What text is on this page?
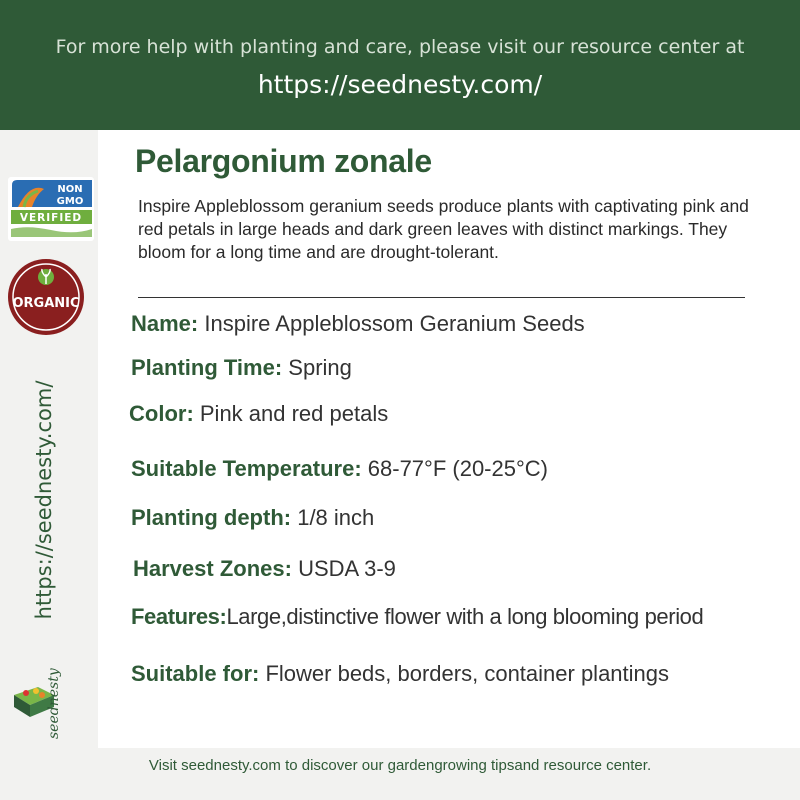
For more help with planting and care, please visit our resource center at
https://seednesty.com/
NON
GMO
VERIFIED
ORGANIC
https://seednesty.com/
seednesty
Pelargonium zonale
Inspire Appleblossom geranium seeds produce plants with captivating pink and red petals in large heads and dark green leaves with distinct markings. They bloom for a long time and are drought-tolerant.
Name: Inspire Appleblossom Geranium Seeds
Planting Time: Spring
Color: Pink and red petals
Suitable Temperature: 68-77°F (20-25°C)
Planting depth: 1/8 inch
Harvest Zones: USDA 3-9
Features:Large,distinctive flower with a long blooming period
Suitable for: Flower beds, borders, container plantings
Visit seednesty.com to discover our gardengrowing tipsand resource center.
